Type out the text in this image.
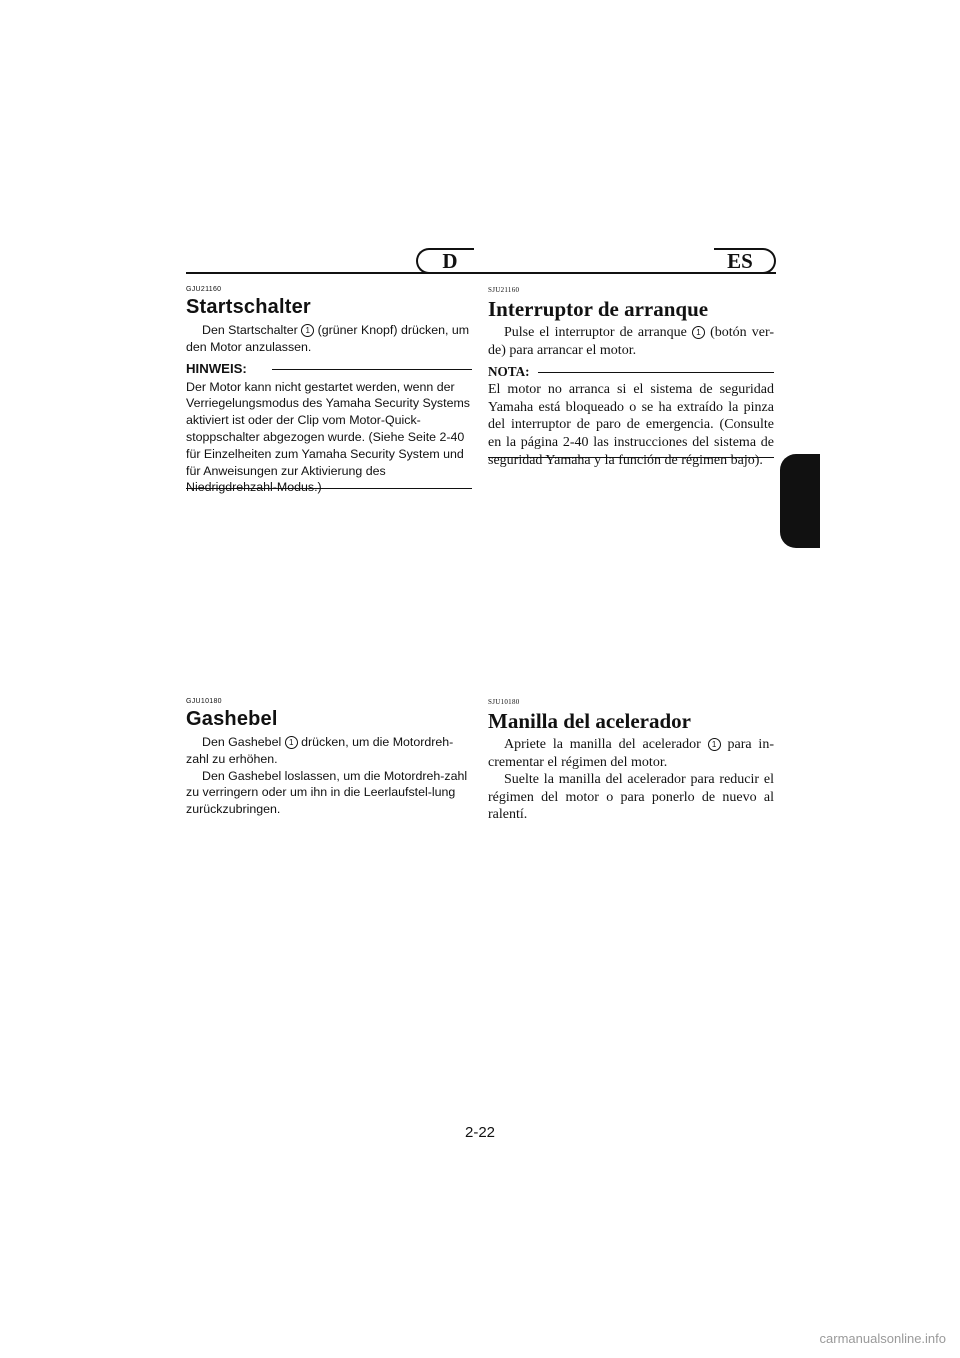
D	ES
GJU21160
Startschalter
Den Startschalter 1 (grüner Knopf) drücken, um den Motor anzulassen.
HINWEIS:
Der Motor kann nicht gestartet werden, wenn der Verriegelungsmodus des Yamaha Security Systems aktiviert ist oder der Clip vom Motor-Quick-stoppschalter abgezogen wurde. (Siehe Seite 2-40 für Einzelheiten zum Yamaha Security System und für Anweisungen zur Aktivierung des Niedrigdrehzahl-Modus.)
SJU21160
Interruptor de arranque
Pulse el interruptor de arranque 1 (botón ver-de) para arrancar el motor.
NOTA:
El motor no arranca si el sistema de seguridad Yamaha está bloqueado o se ha extraído la pinza del interruptor de paro de emergencia. (Consulte en la página 2-40 las instrucciones del sistema de seguridad Yamaha y la función de régimen bajo).
GJU10180
Gashebel
Den Gashebel 1 drücken, um die Motordreh-zahl zu erhöhen.
Den Gashebel loslassen, um die Motordreh-zahl zu verringern oder um ihn in die Leerlaufstel-lung zurückzubringen.
SJU10180
Manilla del acelerador
Apriete la manilla del acelerador 1 para in-crementar el régimen del motor.
Suelte la manilla del acelerador para reducir el régimen del motor o para ponerlo de nuevo al ralentí.
2-22
carmanualsonline.info
